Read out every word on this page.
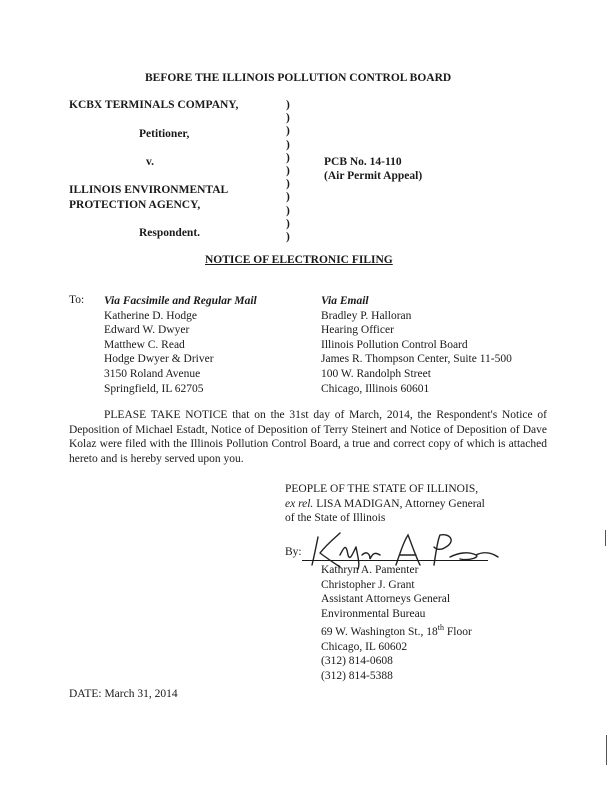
BEFORE THE ILLINOIS POLLUTION CONTROL BOARD
KCBX TERMINALS COMPANY,
Petitioner,
v.
ILLINOIS ENVIRONMENTAL
PROTECTION AGENCY,
Respondent.
)
)
)
)
)
)
)
)
)
)
)
PCB No. 14-110
(Air Permit Appeal)
NOTICE OF ELECTRONIC FILING
To: Via Facsimile and Regular Mail
Katherine D. Hodge
Edward W. Dwyer
Matthew C. Read
Hodge Dwyer & Driver
3150 Roland Avenue
Springfield, IL 62705
Via Email
Bradley P. Halloran
Hearing Officer
Illinois Pollution Control Board
James R. Thompson Center, Suite 11-500
100 W. Randolph Street
Chicago, Illinois 60601
PLEASE TAKE NOTICE that on the 31st day of March, 2014, the Respondent's Notice of Deposition of Michael Estadt, Notice of Deposition of Terry Steinert and Notice of Deposition of Dave Kolaz were filed with the Illinois Pollution Control Board, a true and correct copy of which is attached hereto and is hereby served upon you.
PEOPLE OF THE STATE OF ILLINOIS,
ex rel. LISA MADIGAN, Attorney General
of the State of Illinois
By:
Kathryn A. Pamenter
Christopher J. Grant
Assistant Attorneys General
Environmental Bureau
69 W. Washington St., 18th Floor
Chicago, IL 60602
(312) 814-0608
(312) 814-5388
DATE: March 31, 2014
